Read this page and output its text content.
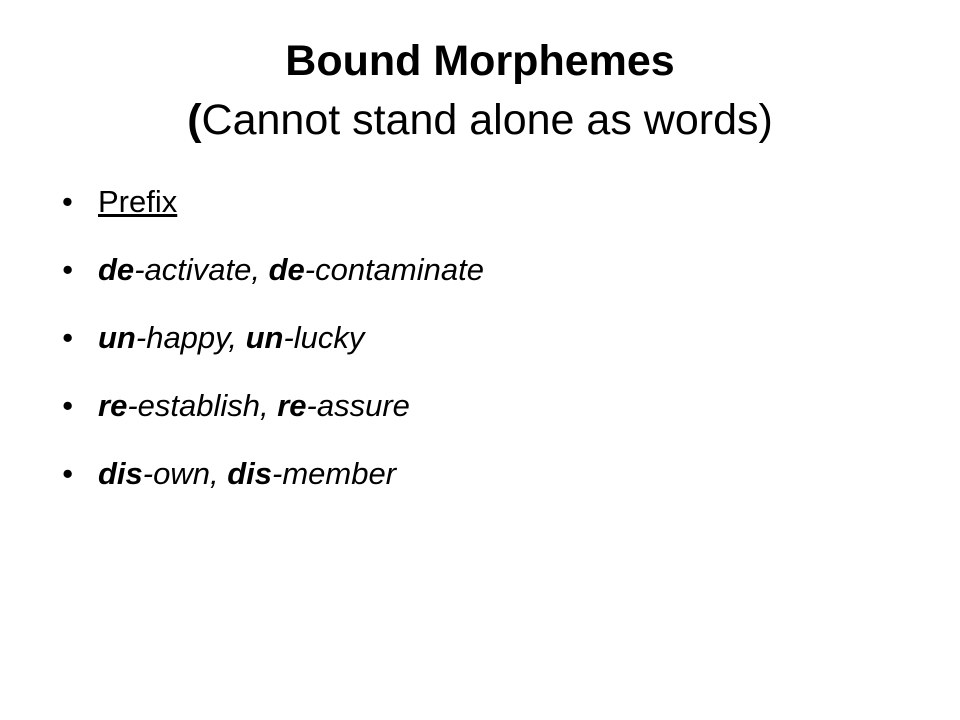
Bound Morphemes
(Cannot stand alone as words)
• Prefix
• de-activate, de-contaminate
• un-happy, un-lucky
• re-establish, re-assure
• dis-own, dis-member
